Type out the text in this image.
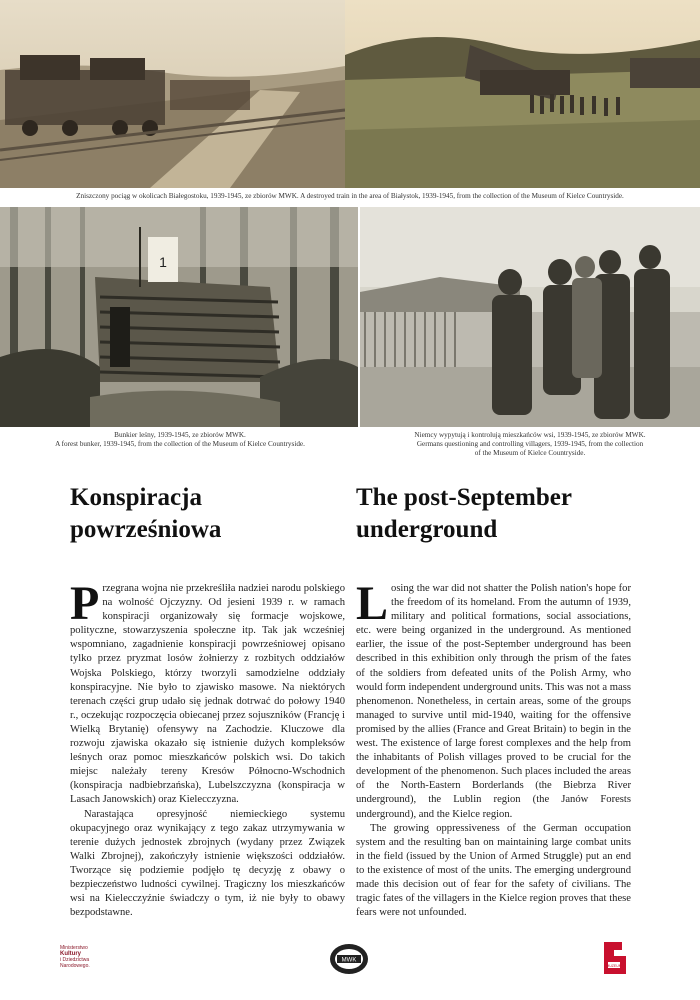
Zniszczony pociąg w okolicach Białegostoku, 1939-1945, ze zbiorów MWK. A destroyed train in the area of Białystok, 1939-1945, from the collection of the Museum of Kielce Countryside.

1

Bunkier leśny, 1939-1945, ze zbiorów MWK.

A forest bunker, 1939-1945, from the collection of the Museum of Kielce Countryside.

Niemcy wypytują i kontrolują mieszkańców wsi, 1939-1945, ze zbiorów MWK.

Germans questioning and controlling villagers, 1939-1945, from the collection

of the Museum of Kielce Countryside.

Konspiracja
powrześniowa
The post-September
underground

Przegrana wojna nie przekreśliła nadziei narodu polskiego na wolność Ojczyzny. Od jesieni 1939 r. w ramach konspiracji organizowały się formacje wojskowe, polityczne, stowarzyszenia społeczne itp. Tak jak wcześniej wspomniano, zagadnienie konspiracji powrześniowej opisano tylko przez pryzmat losów żołnierzy z rozbitych oddziałów Wojska Polskiego, którzy tworzyli samodzielne oddziały konspiracyjne. Nie było to zjawisko masowe. Na niektórych terenach części grup udało się jednak dotrwać do połowy 1940 r., oczekując rozpoczęcia obiecanej przez sojuszników (Francję i Wielką Brytanię) ofensywy na Zachodzie. Kluczowe dla rozwoju zjawiska okazało się istnienie dużych kompleksów leśnych oraz pomoc mieszkańców polskich wsi. Do takich miejsc należały tereny Kresów Północno-Wschodnich (konspiracja nadbiebrzańska), Lubelszczyzna (konspiracja w Lasach Janowskich) oraz Kielecczyzna.

Narastająca opresyjność niemieckiego systemu okupacyjnego oraz wynikający z tego zakaz utrzymywania w terenie dużych jednostek zbrojnych (wydany przez Związek Walki Zbrojnej), zakończyły istnienie większości oddziałów. Tworzące się podziemie podjęło tę decyzję z obawy o bezpieczeństwo ludności cywilnej. Tragiczny los mieszkańców wsi na Kielecczyźnie świadczy o tym, iż nie były to obawy bezpodstawne.

Losing the war did not shatter the Polish nation's hope for the freedom of its homeland. From the autumn of 1939, military and political formations, social associations, etc. were being organized in the underground. As mentioned earlier, the issue of the post-September underground has been described in this exhibition only through the prism of the fates of the soldiers from defeated units of the Polish Army, who would form independent underground units. This was not a mass phenomenon. Nonetheless, in certain areas, some of the groups managed to survive until mid-1940, waiting for the offensive promised by the allies (France and Great Britain) to begin in the west. The existence of large forest complexes and the help from the inhabitants of Polish villages proved to be crucial for the development of the phenomenon. Such places included the areas of the North-Eastern Borderlands (the Biebrza River underground), the Lublin region (the Janów Forests underground), and the Kielce region.

The growing oppressiveness of the German occupation system and the resulting ban on maintaining large combat units in the field (issued by the Union of Armed Struggle) put an end to the existence of most of the units. The emerging underground made this decision out of fear for the safety of civilians. The tragic fates of the villagers in the Kielce region proves that these fears were not unfounded.

Ministerstwo
Kultury
i Dziedzictwa
Narodowego.
MWK
MUZEUM
